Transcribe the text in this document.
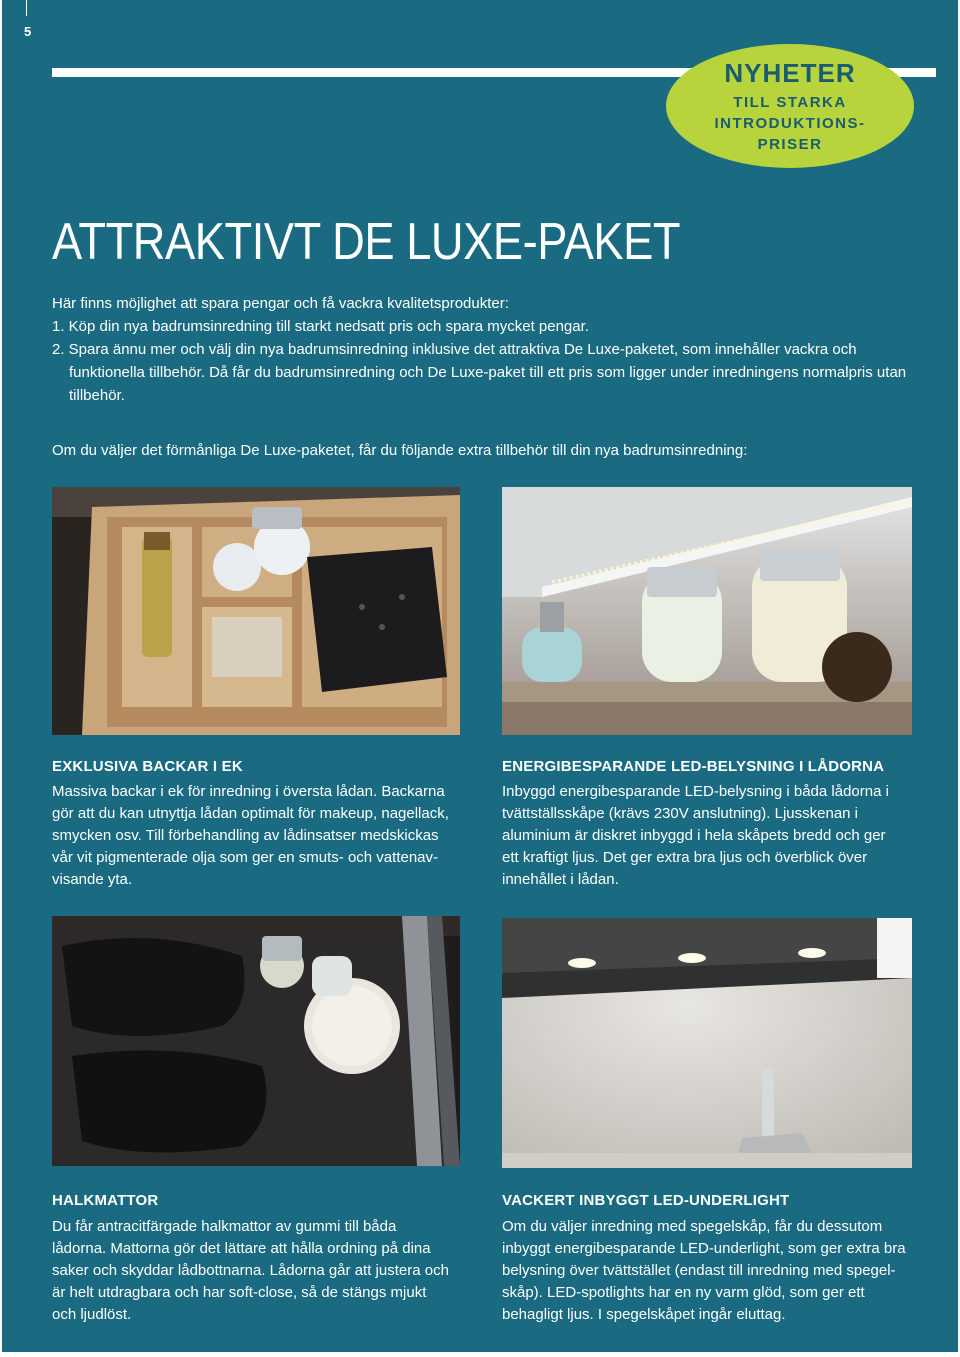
5
NYHETER
TILL STARKA
INTRODUKTIONS-
PRISER
ATTRAKTIVT DE LUXE-PAKET

Här finns möjlighet att spara pengar och få vackra kvalitetsprodukter:

1. Köp din nya badrumsinredning till starkt nedsatt pris och spara mycket pengar.

2. Spara ännu mer och välj din nya badrumsinredning inklusive det attraktiva De Luxe-paketet, som innehåller vackra och funktionella tillbehör. Då får du badrumsinredning och De Luxe-paket till ett pris som ligger under inredningens normalpris utan tillbehör.

Om du väljer det förmånliga De Luxe-paketet, får du följande extra tillbehör till din nya badrumsinredning:
EXKLUSIVA BACKAR I EK
Massiva backar i ek för inredning i översta lådan. Backarna gör att du kan utnyttja lådan optimalt för makeup, nagellack, smycken osv. Till förbehandling av lådinsatser medskickas vår vit pigmenterade olja som ger en smuts- och vattenav-visande yta.
ENERGIBESPARANDE LED-BELYSNING I LÅDORNA
Inbyggd energibesparande LED-belysning i båda lådorna i tvättställsskåpe (krävs 230V anslutning). Ljusskenan i aluminium är diskret inbyggd i hela skåpets bredd och ger ett kraftigt ljus. Det ger extra bra ljus och överblick över innehållet i lådan.
HALKMATTOR
Du får antracitfärgade halkmattor av gummi till båda lådorna. Mattorna gör det lättare att hålla ordning på dina saker och skyddar lådbottnarna. Lådorna går att justera och är helt utdragbara och har soft-close, så de stängs mjukt och ljudlöst.
VACKERT INBYGGT LED-UNDERLIGHT
Om du väljer inredning med spegelskåp, får du dessutom inbyggt energibesparande LED-underlight, som ger extra bra belysning över tvättstället (endast till inredning med spegel-skåp). LED-spotlights har en ny varm glöd, som ger ett behagligt ljus. I spegelskåpet ingår eluttag.
